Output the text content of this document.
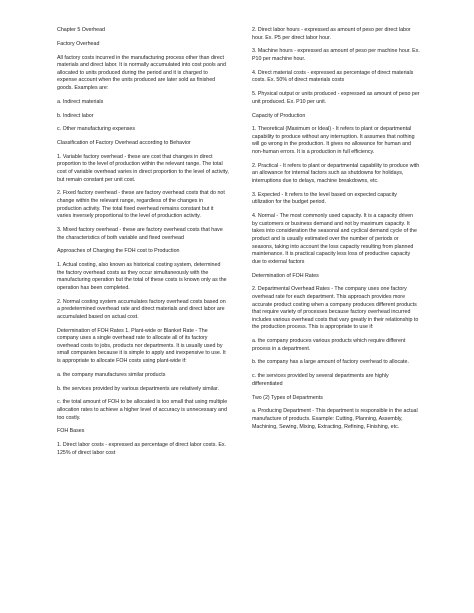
Chapter 5 Overhead

Factory Overhead

All factory costs incurred in the manufacturing process other than direct materials and direct labor. It is normally accumulated into cost pools and allocated to units produced during the period and it is charged to expense account when the units produced are later sold as finished goods. Examples are:

a. Indirect materials

b. Indirect labor

c. Other manufacturing expenses

Classification of Factory Overhead according to Behavior

1. Variable factory overhead - these are cost that changes in direct proportion to the level of production within the relevant range. The total cost of variable overhead varies in direct proportion to the level of activity, but remain constant per unit cost.

2. Fixed factory overhead - these are factory overhead costs that do not change within the relevant range, regardless of the changes in production activity. The total fixed overhead remains constant but it varies inversely proportional to the level of production activity.

3. Mixed factory overhead - these are factory overhead costs that have the characteristics of both variable and fixed overhead

Approaches of Charging the FOH cost to Production

1. Actual costing, also known as historical costing system, determined the factory overhead costs as they occur simultaneously with the manufacturing operation but the total of these costs is known only as the operation has been completed.

2. Normal costing system accumulates factory overhead costs based on a predetermined overhead rate and direct materials and direct labor are accumulated based on actual cost.

Determination of FOH Rates 1. Plant-wide or Blanket Rate - The company uses a single overhead rate to allocate all of its factory overhead costs to jobs, products nor departments. It is usually used by small companies because it is simple to apply and inexpensive to use. It is appropriate to allocate FOH costs using plant-wide if:

a. the company manufactures similar products

b. the services provided by various departments are relatively similar.

c. the total amount of FOH to be allocated is too small that using multiple allocation rates to achieve a higher level of accuracy is unnecessary and too costly.

FOH Bases

1. Direct labor costs - expressed as percentage of direct labor costs. Ex. 125% of direct labor cost

2. Direct labor hours - expressed as amount of peso per direct labor hour. Ex. P5 per direct labor hour.

3. Machine hours - expressed as amount of peso per machine hour. Ex. P10 per machine hour.

4. Direct material costs - expressed as percentage of direct materials costs. Ex. 50% of direct materials costs

5. Physical output or units produced - expressed as amount of peso per unit produced. Ex. P10 per unit.

Capacity of Production

1. Theoretical (Maximum or Ideal) - It refers to plant or departmental capability to produce without any interruption. It assumes that nothing will go wrong in the production. It gives no allowance for human and non-human errors. It is a production in full efficiency.

2. Practical - It refers to plant or departmental capability to produce with an allowance for internal factors such as shutdowns for holidays, interruptions due to delays, machine breakdowns, etc.

3. Expected - It refers to the level based on expected capacity utilization for the budget period.

4. Normal - The most commonly used capacity. It is a capacity driven by customers or business demand and not by maximum capacity. It takes into consideration the seasonal and cyclical demand cycle of the product and is usually estimated over the number of periods or seasons, taking into account the loss capacity resulting from planned maintenance. It is practical capacity less loss of productive capacity due to external factors

Determination of FOH Rates

2. Departmental Overhead Rates - The company uses one factory overhead rate for each department. This approach provides more accurate product costing when a company produces different products that require variety of processes because factory overhead incurred includes various overhead costs that vary greatly in their relationship to the production process. This is appropriate to use if:

a. the company produces various products which require different process in a department.

b. the company has a large amount of factory overhead to allocate.

c. the services provided by several departments are highly differentiated

Two (2) Types of Departments

a. Producing Department - This department is responsible in the actual manufacture of products. Example: Cutting, Planning, Assembly, Machining, Sewing, Mixing, Extracting, Refining, Finishing, etc.
